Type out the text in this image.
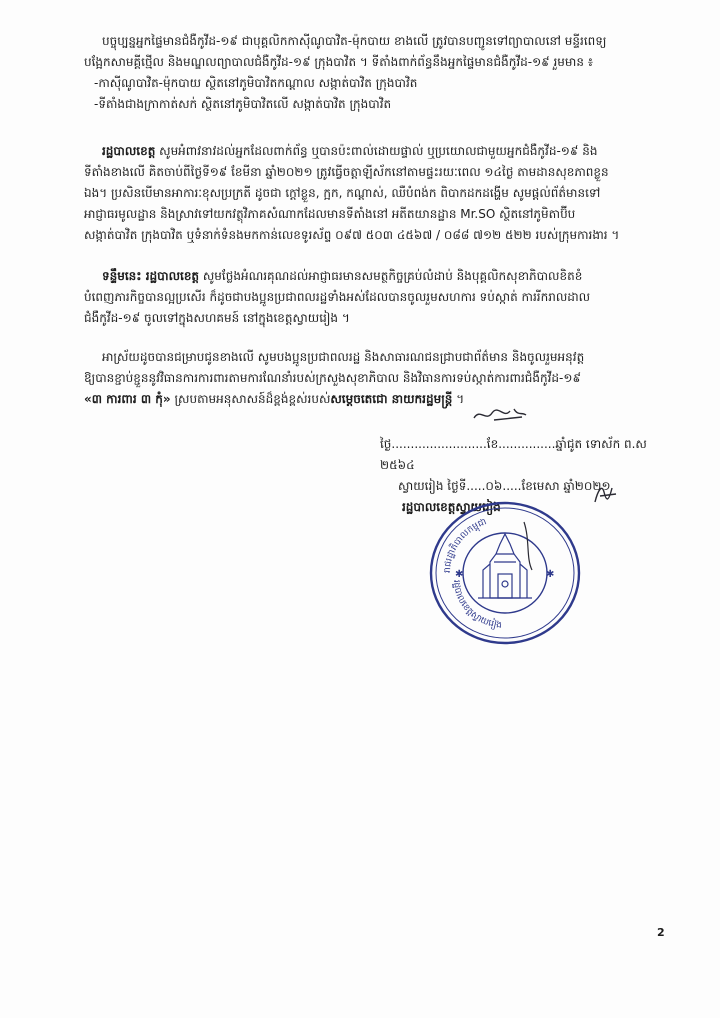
បច្ចុប្បន្នអ្នកផ្ទៃមានជំងឺកូវីដ-១៩ ជាបុគ្គលិកកាស៊ីណូបាវិត-ម៉ុកបាយ ខាងលើ ត្រូវបានបញ្ជូនទៅព្យាបាលនៅ មន្ទីរពេទ្យ

បង្អែកសាមគ្គីថ្មើល និងមណ្ឌលព្យាបាលជំងឺកូវីដ-១៩ ក្រុងបាវិត ។ ទីតាំងពាក់ព័ន្ធនឹងអ្នកផ្ទៃមានជំងឺកូវីដ-១៩ រួមមាន ៖

-កាស៊ីណូបាវិត-ម៉ុកបាយ ស្ថិតនៅភូមិបាវិតកណ្តាល សង្កាត់បាវិត ក្រុងបាវិត

-ទីតាំងជាងក្រាកាត់សក់ ស្ថិតនៅភូមិបាវិតលើ សង្កាត់បាវិត ក្រុងបាវិត

រដ្ឋបាលខេត្ត សូមអំពាវនាវដល់អ្នកដែលពាក់ព័ន្ធ ឬបានប៉ះពាល់ដោយផ្ទាល់ ឬប្រយោលជាមួយអ្នកជំងឺកូវីដ-១៩ និង

ទីតាំងខាងលើ គិតចាប់ពីថ្ងៃទី១៩ ខែមីនា ឆ្នាំ២០២១ ត្រូវធ្វើចត្តាឡីស័កនៅតាមផ្ទះរយៈពេល ១៤ថ្ងៃ តាមដានសុខភាពខ្លួន

ឯង។ ប្រសិនបើមានអាការៈខុសប្រក្រតី ដូចជា ក្តៅខ្លួន, ក្អក, កណ្តាស់, ឈឺបំពង់ក ពិបាកដកដង្ហើម សូមផ្តល់ព័ត៌មានទៅ

អាជ្ញាធរមូលដ្ឋាន និងស្រាវទៅយកវត្ថុវិភាគសំណាកដែលមានទីតាំងនៅ អតីតយានដ្ឋាន Mr.SO ស្ថិតនៅភូមិតាប៊ីប

សង្កាត់បាវិត ក្រុងបាវិត ឬទំនាក់ទំនងមកកាន់លេខទូរស័ព្ទ ០៩៧ ៥០៣ ៤៥៦៧ / ០៨៨ ៧១២ ៥២២ របស់ក្រុមការងារ ។

ទន្ទឹមនេះ រដ្ឋបាលខេត្ត សូមថ្លែងអំណរគុណដល់អាជ្ញាធរមានសមត្ថកិច្ចគ្រប់លំដាប់ និងបុគ្គលិកសុខាភិបាលខិតខំ

បំពេញភារកិច្ចបានល្អប្រសើរ ក៏ដូចជាបងប្អូនប្រជាពលរដ្ឋទាំងអស់ដែលបានចូលរួមសហការ ទប់ស្កាត់ ការរីករាលដាល

ជំងឺកូវីដ-១៩ ចូលទៅក្នុងសហគមន៍ នៅក្នុងខេត្តស្វាយរៀង ។

អាស្រ័យដូចបានជម្រាបជូនខាងលើ សូមបងប្អូនប្រជាពលរដ្ឋ និងសាធារណជនជ្រាបជាព័ត៌មាន និងចូលរួមអនុវត្ត

ឱ្យបានខ្ជាប់ខ្ជួននូវវិធានការការពារតាមការណែនាំរបស់ក្រសួងសុខាភិបាល និងវិធានការទប់ស្កាត់ការពារជំងឺកូវីដ-១៩

«៣ ការពារ ៣ កុំ» ស្របតាមអនុសាសន៍ដ៏ខ្ពង់ខ្ពស់របស់សម្តេចតេជោ នាយករដ្ឋមន្ត្រី ។

ថ្ងៃ.........................ខែ...............ឆ្នាំជូត ទោស័ក ព.ស ២៥៦៤

ស្វាយរៀង ថ្ងៃទី.....០៦.....ខែមេសា ឆ្នាំ២០២១

រដ្ឋបាលខេត្តស្វាយរៀង

រាជរដ្ឋាភិបាលកម្ពុជា
រដ្ឋបាលខេត្តស្វាយរៀង
✱	✱
2
